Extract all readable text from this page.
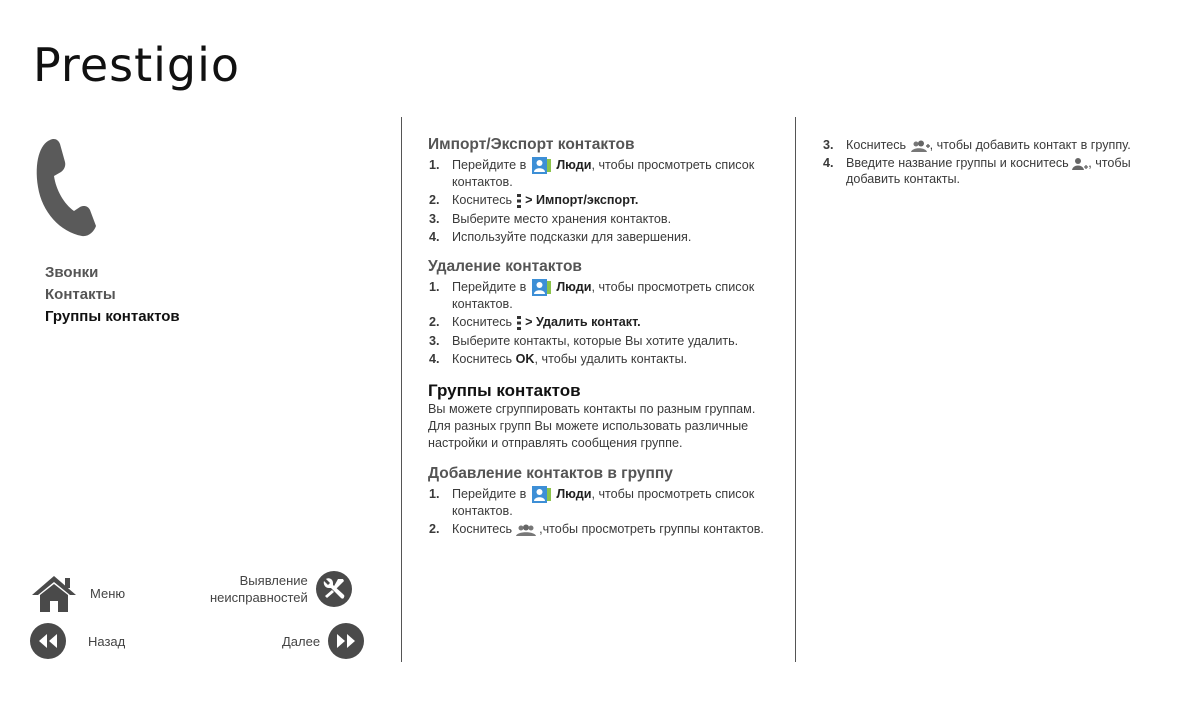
Prestigio
Звонки
Контакты
Группы контактов
Меню
Выявление
неисправностей
Назад	Далее
Импорт/Экспорт контактов
1. Перейдите в Люди, чтобы просмотреть список контактов.
2. Коснитесь > Импорт/экспорт.
3. Выберите место хранения контактов.
4. Используйте подсказки для завершения.
Удаление контактов
1. Перейдите в Люди, чтобы просмотреть список контактов.
2. Коснитесь > Удалить контакт.
3. Выберите контакты, которые Вы хотите удалить.
4. Коснитесь OK, чтобы удалить контакты.
Группы контактов
Вы можете сгруппировать контакты по разным группам. Для разных групп Вы можете использовать различные настройки и отправлять сообщения группе.
Добавление контактов в группу
1. Перейдите в Люди, чтобы просмотреть список контактов.
2. Коснитесь ,чтобы просмотреть группы контактов.
3. Коснитесь , чтобы добавить контакт в группу.
4. Введите название группы и коснитесь , чтобы добавить контакты.
